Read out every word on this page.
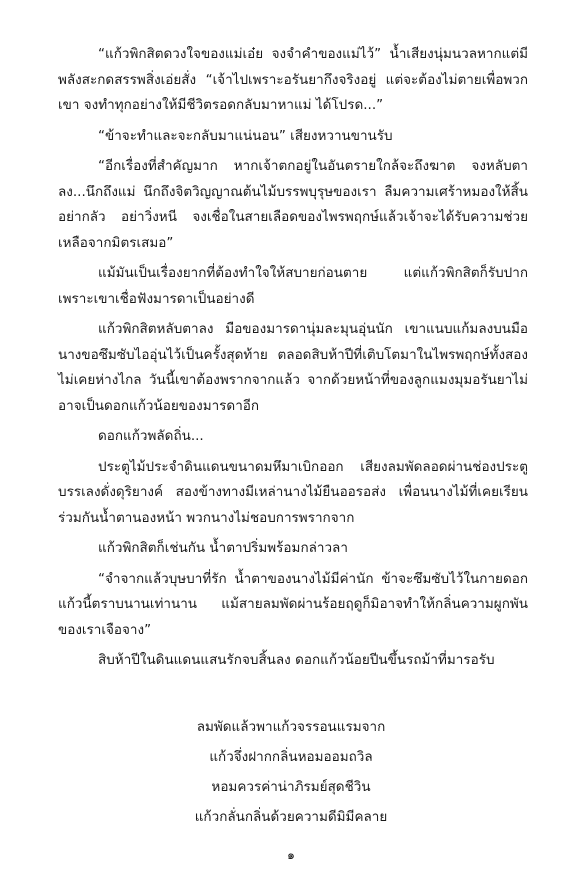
“แก้วพิกสิตดวงใจของแม่เอ๋ย จงจำคำของแม่ไว้” น้ำเสียงนุ่มนวลหากแต่มีพลังสะกดสรรพสิ่งเอ่ยสั่ง “เจ้าไปเพราะอรันยากึงจริงอยู่ แต่จะต้องไม่ตายเพื่อพวกเขา จงทำทุกอย่างให้มีชีวิตรอดกลับมาหาแม่ ได้โปรด...”

“ข้าจะทำและจะกลับมาแน่นอน” เสียงหวานขานรับ

“อีกเรื่องที่สำคัญมาก หากเจ้าตกอยู่ในอันตรายใกล้จะถึงฆาต จงหลับตาลง...นึกถึงแม่ นึกถึงจิตวิญญาณต้นไม้บรรพบุรุษของเรา ลืมความเศร้าหมองให้สิ้น อย่ากลัว อย่าวิ่งหนี จงเชื่อในสายเลือดของไพรพฤกษ์แล้วเจ้าจะได้รับความช่วยเหลือจากมิตรเสมอ”

แม้มันเป็นเรื่องยากที่ต้องทำใจให้สบายก่อนตาย แต่แก้วพิกสิตก็รับปากเพราะเขาเชื่อฟังมารดาเป็นอย่างดี

แก้วพิกสิตหลับตาลง มือของมารดานุ่มละมุนอุ่นนัก เขาแนบแก้มลงบนมือนางขอซึมซับไออุ่นไว้เป็นครั้งสุดท้าย ตลอดสิบห้าปีที่เติบโตมาในไพรพฤกษ์ทั้งสองไม่เคยห่างไกล วันนี้เขาต้องพรากจากแล้ว จากด้วยหน้าที่ของลูกแมงมุมอรันยาไม่อาจเป็นดอกแก้วน้อยของมารดาอีก

ดอกแก้วพลัดถิ่น...

ประตูไม้ประจำดินแดนขนาดมหึมาเบิกออก เสียงลมพัดลอดผ่านช่องประตูบรรเลงดั่งดุริยางค์ สองข้างทางมีเหล่านางไม้ยืนออรอส่ง เพื่อนนางไม้ที่เคยเรียนร่วมกันน้ำตานองหน้า พวกนางไม่ชอบการพรากจาก

แก้วพิกสิตก็เช่นกัน น้ำตาปริ่มพร้อมกล่าวลา

“จำจากแล้วบุษบาที่รัก น้ำตาของนางไม้มีค่านัก ข้าจะซึมซับไว้ในกายดอกแก้วนี้ตราบนานเท่านาน แม้สายลมพัดผ่านร้อยฤดูก็มิอาจทำให้กลิ่นความผูกพันของเราเจือจาง”

สิบห้าปีในดินแดนแสนรักจบสิ้นลง ดอกแก้วน้อยปีนขึ้นรถม้าที่มารอรับ

ลมพัดแล้วพาแก้วจรรอนแรมจาก
แก้วจึ่งฝากกลิ่นหอมออมถวิล
หอมควรค่าน่าภิรมย์สุดชีวิน
แก้วกลั่นกลิ่นด้วยความดีมิมีคลาย
๑
